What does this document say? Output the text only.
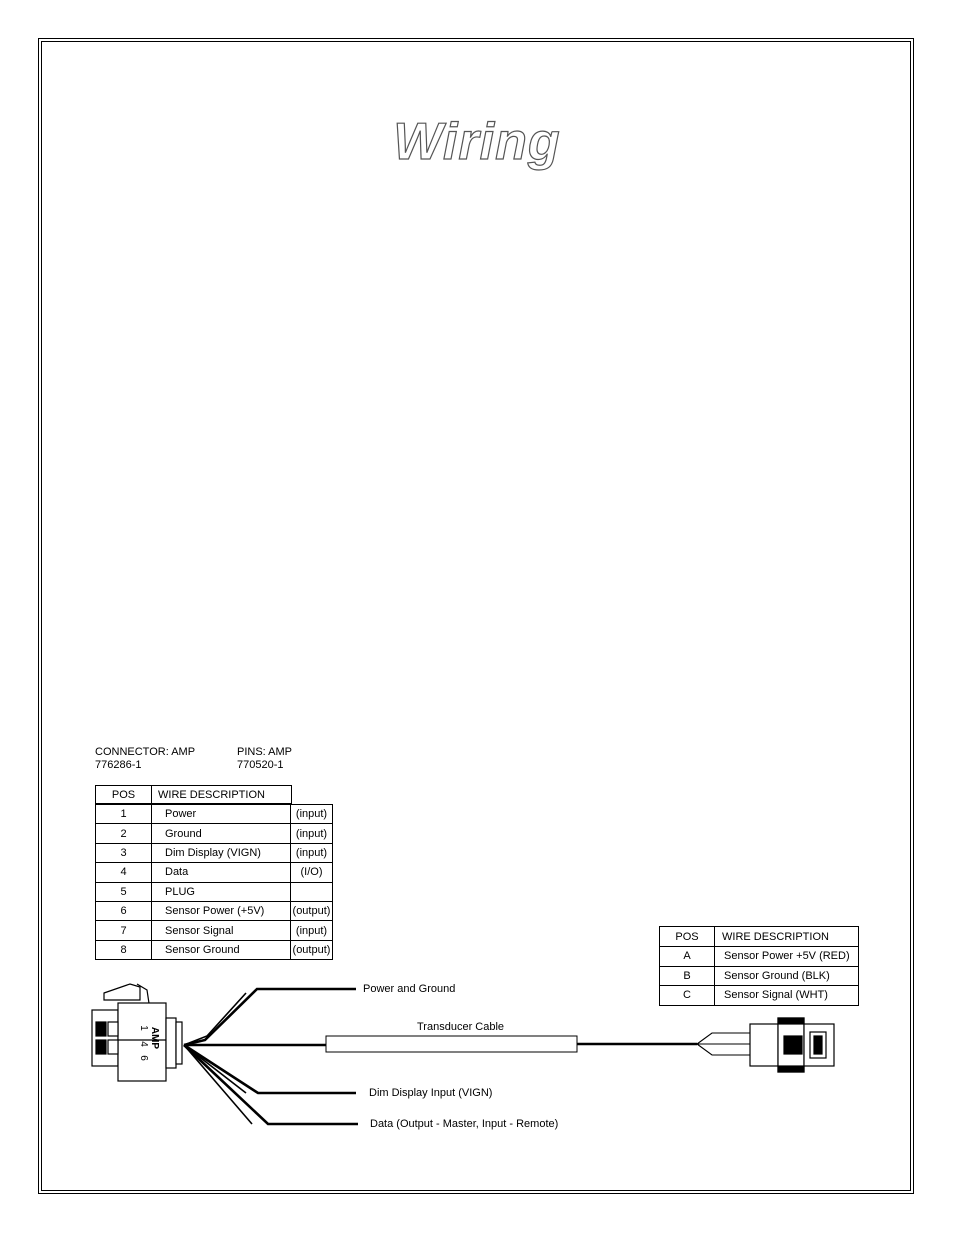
Wiring
CONNECTOR: AMP
776286-1
PINS: AMP
770520-1
POS	WIRE DESCRIPTION
1	Power	(input)
2	Ground	(input)
3	Dim Display (VIGN)	(input)
4	Data	(I/O)
5	PLUG	
6	Sensor Power (+5V)	(output)
7	Sensor Signal	(input)
8	Sensor Ground	(output)
POS	WIRE DESCRIPTION
A	Sensor Power +5V (RED)
B	Sensor Ground (BLK)
C	Sensor Signal (WHT)
AMP
1
4
6
Power and Ground
Transducer Cable
Dim Display Input (VIGN)
Data (Output - Master, Input - Remote)
